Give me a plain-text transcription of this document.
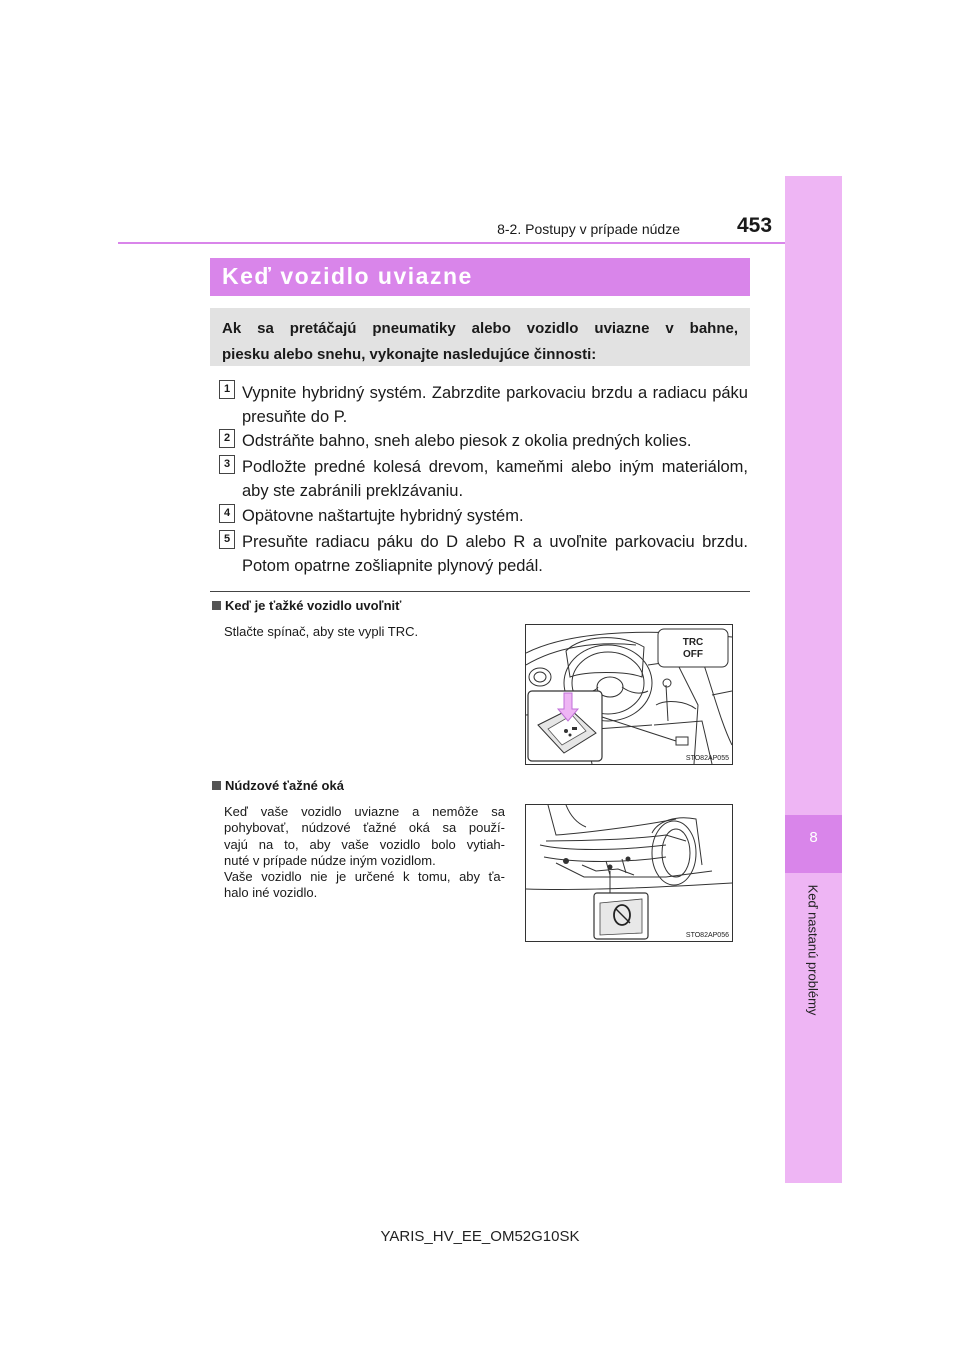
8
Keď nastanú problémy
8-2. Postupy v prípade núdze	453
Keď vozidlo uviazne
Ak sa pretáčajú pneumatiky alebo vozidlo uviazne v bahne,
piesku alebo snehu, vykonajte nasledujúce činnosti:
1 Vypnite hybridný systém. Zabrzdite parkovaciu brzdu a radiacu páku
presuňte do P.
2 Odstráňte bahno, sneh alebo piesok z okolia predných kolies.
3 Podložte predné kolesá drevom, kameňmi alebo iným materiálom,
aby ste zabránili preklzávaniu.
4 Opätovne naštartujte hybridný systém.
5 Presuňte radiacu páku do D alebo R a uvoľnite parkovaciu brzdu.
Potom opatrne zošliapnite plynový pedál.
Keď je ťažké vozidlo uvoľniť
Stlačte spínač, aby ste vypli TRC.
TRC
OFF
STO82AP055
Núdzové ťažné oká
Keď vaše vozidlo uviazne a nemôže sa
pohybovať, núdzové ťažné oká sa použí-
vajú na to, aby vaše vozidlo bolo vytiah-
nuté v prípade núdze iným vozidlom.
Vaše vozidlo nie je určené k tomu, aby ťa-
halo iné vozidlo.
STO82AP056
YARIS_HV_EE_OM52G10SK
